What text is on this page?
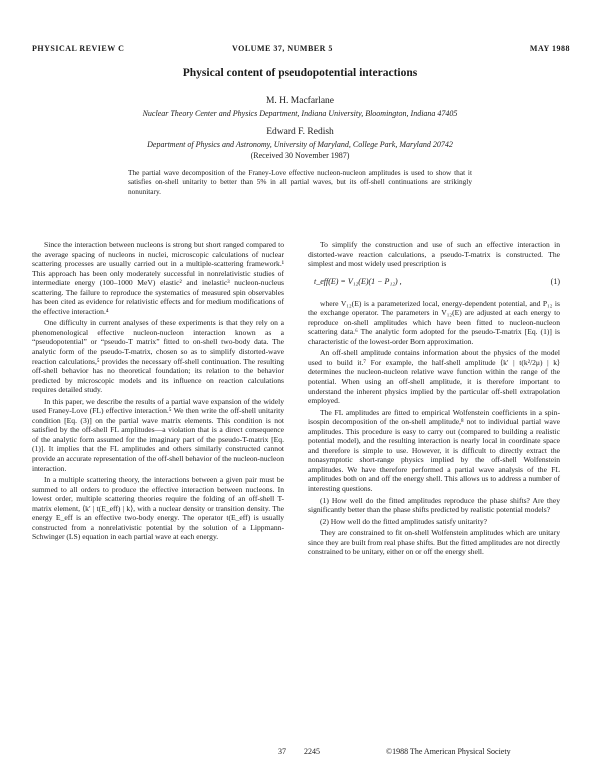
PHYSICAL REVIEW C	VOLUME 37, NUMBER 5	MAY 1988
Physical content of pseudopotential interactions
M. H. Macfarlane
Nuclear Theory Center and Physics Department, Indiana University, Bloomington, Indiana 47405
Edward F. Redish
Department of Physics and Astronomy, University of Maryland, College Park, Maryland 20742
(Received 30 November 1987)
The partial wave decomposition of the Franey-Love effective nucleon-nucleon amplitudes is used to show that it satisfies on-shell unitarity to better than 5% in all partial waves, but its off-shell continuations are strikingly nonunitary.

Since the interaction between nucleons is strong but short ranged compared to the average spacing of nucleons in nuclei, microscopic calculations of nuclear scattering processes are usually carried out in a multiple-scattering framework.¹ This approach has been only moderately successful in nonrelativistic studies of intermediate energy (100–1000 MeV) elastic² and inelastic³ nucleon-nucleus scattering. The failure to reproduce the systematics of measured spin observables has been cited as evidence for relativistic effects and for medium modifications of the effective interaction.⁴

One difficulty in current analyses of these experiments is that they rely on a phenomenological effective nucleon-nucleon interaction known as a “pseudopotential” or “pseudo-T matrix” fitted to on-shell two-body data. The analytic form of the pseudo-T-matrix, chosen so as to simplify distorted-wave reaction calculations,⁵ provides the necessary off-shell continuation. The resulting off-shell behavior has no theoretical foundation; its relation to the behavior predicted by microscopic models and its influence on reaction calculations requires detailed study.

In this paper, we describe the results of a partial wave expansion of the widely used Franey-Love (FL) effective interaction.⁵ We then write the off-shell unitarity condition [Eq. (3)] on the partial wave matrix elements. This condition is not satisfied by the off-shell FL amplitudes—a violation that is a direct consequence of the analytic form assumed for the imaginary part of the pseudo-T-matrix [Eq. (1)]. It implies that the FL amplitudes and others similarly constructed cannot provide an accurate representation of the off-shell behavior of the nucleon-nucleon interaction.

In a multiple scattering theory, the interactions between a given pair must be summed to all orders to produce the effective interaction between nucleons. In lowest order, multiple scattering theories require the folding of an off-shell T-matrix element, ⟨k′ | t(E_eff) | k⟩, with a nuclear density or transition density. The energy E_eff is an effective two-body energy. The operator t(E_eff) is usually constructed from a nonrelativistic potential by the solution of a Lippmann-Schwinger (LS) equation in each partial wave at each energy.

To simplify the construction and use of such an effective interaction in distorted-wave reaction calculations, a pseudo-T-matrix is constructed. The simplest and most widely used prescription is

t_eff(E) = V₁₂(E)(1 − P₁₂) ,	(1)

where V₁₂(E) is a parameterized local, energy-dependent potential, and P₁₂ is the exchange operator. The parameters in V₁₂(E) are adjusted at each energy to reproduce on-shell amplitudes which have been fitted to nucleon-nucleon scattering data.⁶ The analytic form adopted for the pseudo-T-matrix [Eq. (1)] is characteristic of the lowest-order Born approximation.

An off-shell amplitude contains information about the physics of the model used to build it.⁷ For example, the half-shell amplitude ⟨k′ | t(k²/2μ) | k⟩ determines the nucleon-nucleon relative wave function within the range of the potential. When using an off-shell amplitude, it is therefore important to understand the inherent physics implied by the particular off-shell extrapolation employed.

The FL amplitudes are fitted to empirical Wolfenstein coefficients in a spin-isospin decomposition of the on-shell amplitude,⁸ not to individual partial wave amplitudes. This procedure is easy to carry out (compared to building a realistic potential model), and the resulting interaction is nearly local in coordinate space and therefore is simple to use. However, it is difficult to directly extract the nonasymptotic short-range physics implied by the off-shell Wolfenstein amplitudes. We have therefore performed a partial wave analysis of the FL amplitudes both on and off the energy shell. This allows us to address a number of interesting questions.

(1) How well do the fitted amplitudes reproduce the phase shifts? Are they significantly better than the phase shifts predicted by realistic potential models?

(2) How well do the fitted amplitudes satisfy unitarity?

They are constrained to fit on-shell Wolfenstein amplitudes which are unitary since they are built from real phase shifts. But the fitted amplitudes are not directly constrained to be unitary, either on or off the energy shell.

37 2245	©1988 The American Physical Society
